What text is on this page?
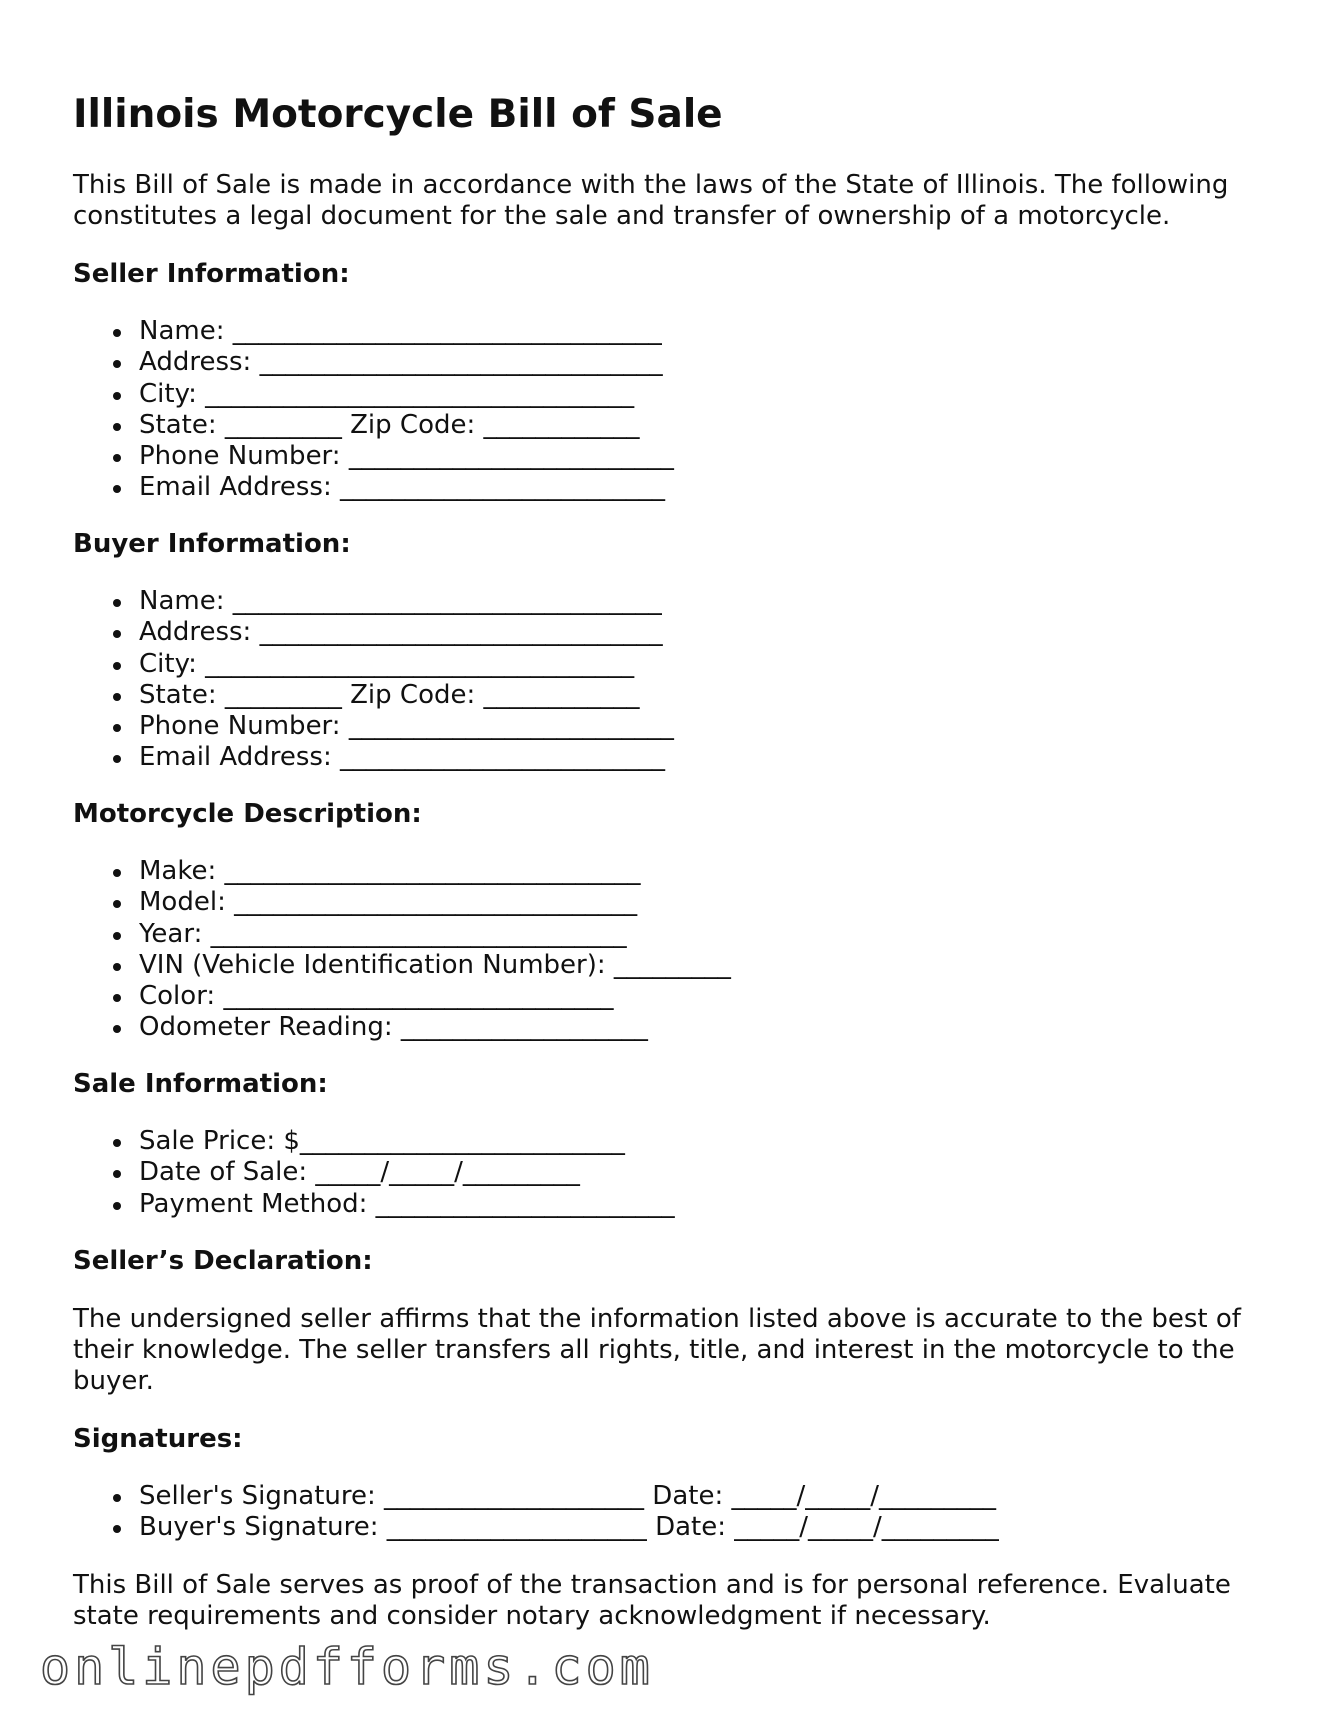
Illinois Motorcycle Bill of Sale

This Bill of Sale is made in accordance with the laws of the State of Illinois. The following constitutes a legal document for the sale and transfer of ownership of a motorcycle.

Seller Information:

Name: _________________________________
Address: _______________________________
City: _________________________________
State: _________ Zip Code: ____________
Phone Number: _________________________
Email Address: _________________________

Buyer Information:

Name: _________________________________
Address: _______________________________
City: _________________________________
State: _________ Zip Code: ____________
Phone Number: _________________________
Email Address: _________________________

Motorcycle Description:

Make: ________________________________
Model: _______________________________
Year: ________________________________
VIN (Vehicle Identification Number): _________
Color: ______________________________
Odometer Reading: ___________________

Sale Information:

Sale Price: $_________________________
Date of Sale: _____/_____/_________
Payment Method: _______________________

Seller’s Declaration:

The undersigned seller affirms that the information listed above is accurate to the best of their knowledge. The seller transfers all rights, title, and interest in the motorcycle to the buyer.

Signatures:

Seller's Signature: ____________________ Date: _____/_____/_________
Buyer's Signature: ____________________ Date: _____/_____/_________

This Bill of Sale serves as proof of the transaction and is for personal reference. Evaluate state requirements and consider notary acknowledgment if necessary.

onlinepdfforms.com
